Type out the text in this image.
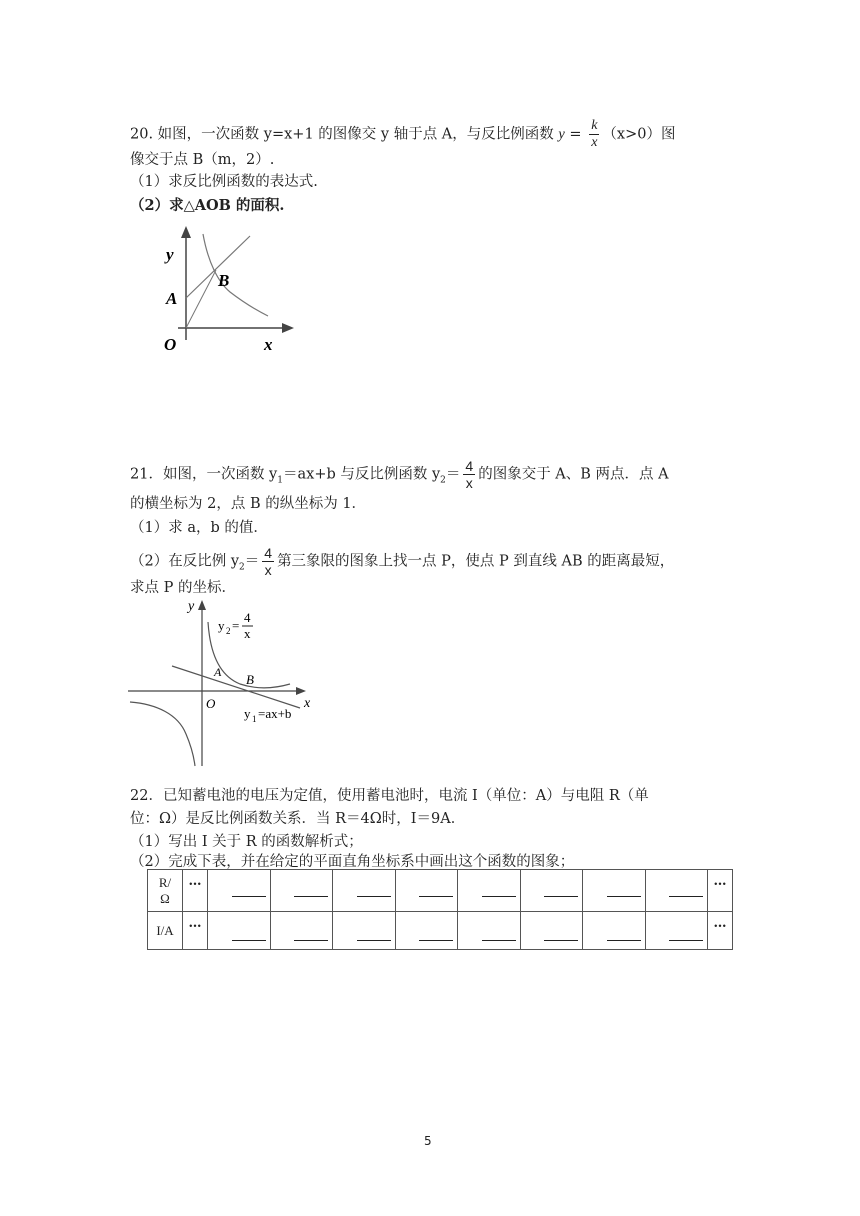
20. 如图，一次函数 y=x+1 的图像交 y 轴于点 A，与反比例函数 $y = \frac{k}{x} (x>0)$图
像交于点 B（m，2）.
（1）求反比例函数的表达式.
（2）求△AOB 的面积.
y
A
B
O	x
21．如图，一次函数 $y_1=ax+b$ 与反比例函数 $y_2= \frac{4}{x}$ 的图象交于 A、B 两点．点 A
的横坐标为 2，点 B 的纵坐标为 1．
（1）求 a，b 的值．
（2）在反比例 $y_2= \frac{4}{x}$ 第三象限的图象上找一点 P，使点 P 到直线 AB 的距离最短，
求点 P 的坐标．
y
x
O
A B
y 2 =
4
x
y 1 =ax+b
22．已知蓄电池的电压为定值，使用蓄电池时，电流 I（单位：A）与电阻 R（单
位：Ω）是反比例函数关系．当 R＝4Ω时，I＝9A．
（1）写出 I 关于 R 的函数解析式；
（2）完成下表，并在给定的平面直角坐标系中画出这个函数的图象；
R/
Ω	…									…
I/A	…									…
5
